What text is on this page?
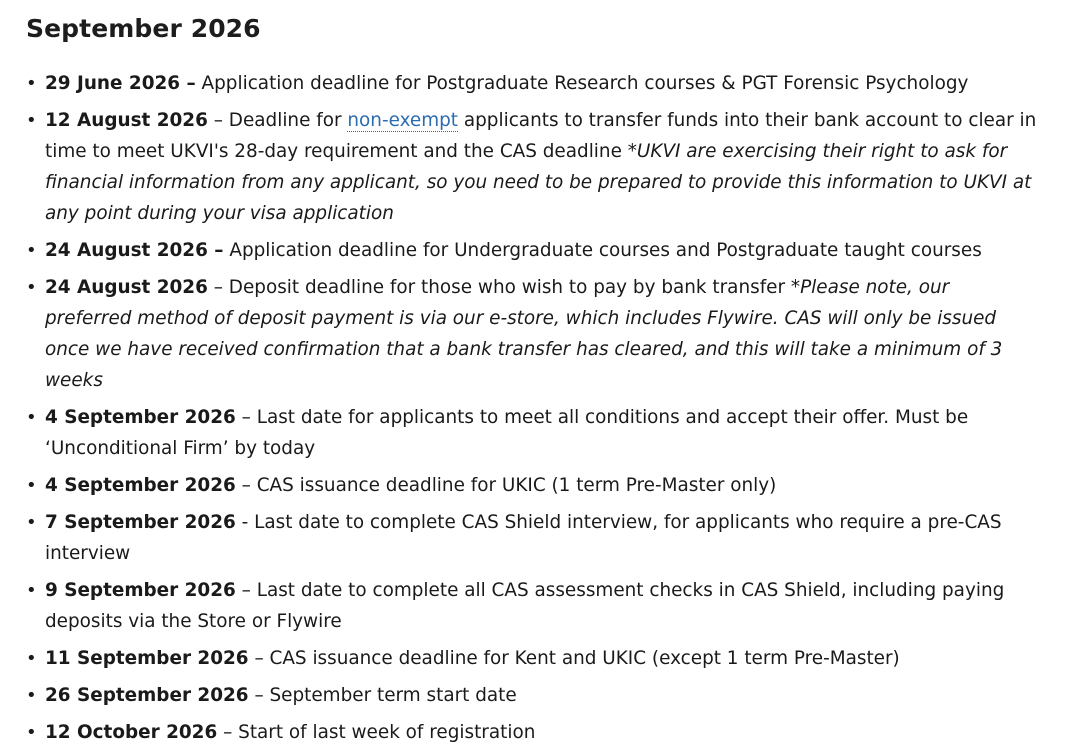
September 2026
• 29 June 2026 – Application deadline for Postgraduate Research courses & PGT Forensic Psychology
• 12 August 2026 – Deadline for non-exempt applicants to transfer funds into their bank account to clear in time to meet UKVI's 28-day requirement and the CAS deadline *UKVI are exercising their right to ask for financial information from any applicant, so you need to be prepared to provide this information to UKVI at any point during your visa application
• 24 August 2026 – Application deadline for Undergraduate courses and Postgraduate taught courses
• 24 August 2026 – Deposit deadline for those who wish to pay by bank transfer *Please note, our preferred method of deposit payment is via our e-store, which includes Flywire. CAS will only be issued once we have received confirmation that a bank transfer has cleared, and this will take a minimum of 3 weeks
• 4 September 2026 – Last date for applicants to meet all conditions and accept their offer. Must be ‘Unconditional Firm’ by today
• 4 September 2026 – CAS issuance deadline for UKIC (1 term Pre-Master only)
• 7 September 2026 - Last date to complete CAS Shield interview, for applicants who require a pre-CAS interview
• 9 September 2026 – Last date to complete all CAS assessment checks in CAS Shield, including paying deposits via the Store or Flywire
• 11 September 2026 – CAS issuance deadline for Kent and UKIC (except 1 term Pre-Master)
• 26 September 2026 – September term start date
• 12 October 2026 – Start of last week of registration
